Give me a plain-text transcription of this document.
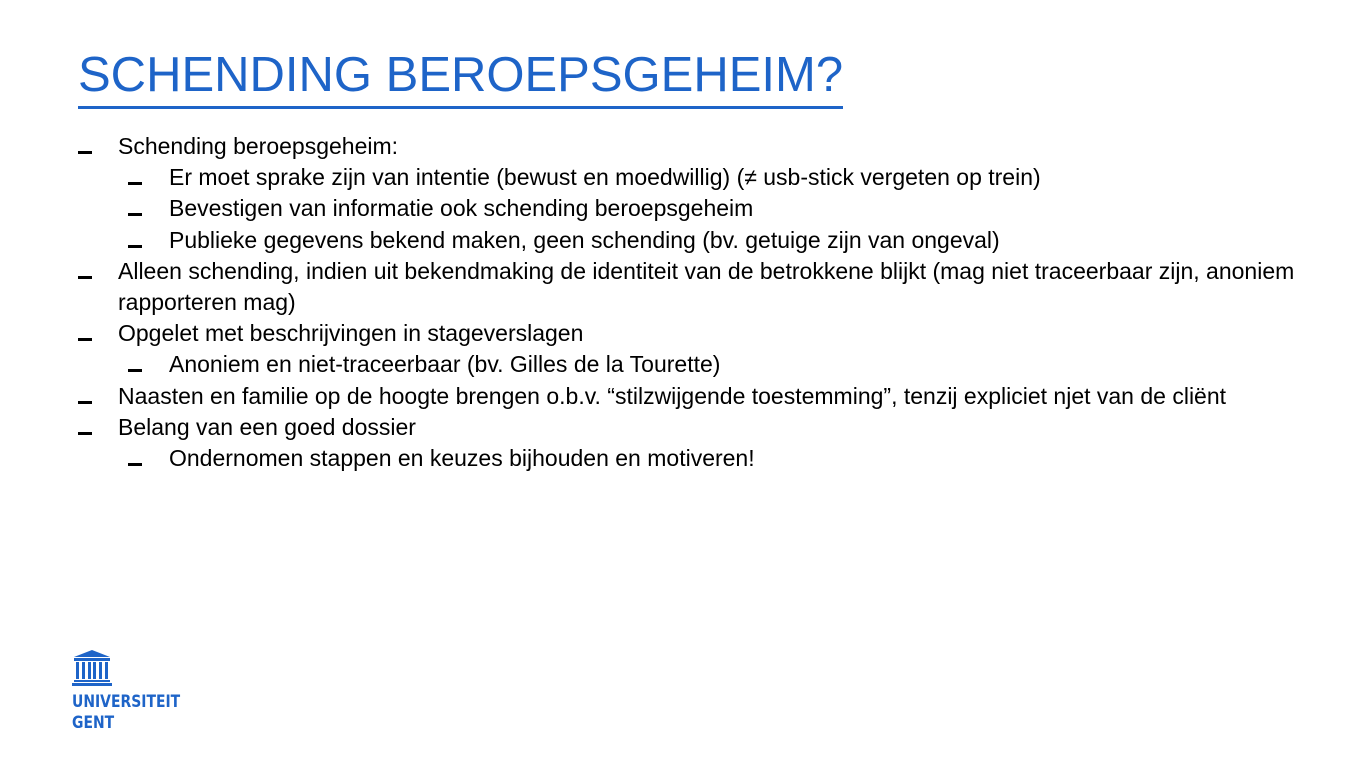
SCHENDING BEROEPSGEHEIM?
Schending beroepsgeheim:
Er moet sprake zijn van intentie (bewust en moedwillig) (≠ usb-stick vergeten op trein)
Bevestigen van informatie ook schending beroepsgeheim
Publieke gegevens bekend maken, geen schending (bv. getuige zijn van ongeval)
Alleen schending, indien uit bekendmaking de identiteit van de betrokkene blijkt (mag niet traceerbaar zijn, anoniem rapporteren mag)
Opgelet met beschrijvingen in stageverslagen
Anoniem en niet-traceerbaar (bv. Gilles de la Tourette)
Naasten en familie op de hoogte brengen o.b.v. “stilzwijgende toestemming”, tenzij expliciet njet van de cliënt
Belang van een goed dossier
Ondernomen stappen en keuzes bijhouden en motiveren!
UNIVERSITEIT
GENT
